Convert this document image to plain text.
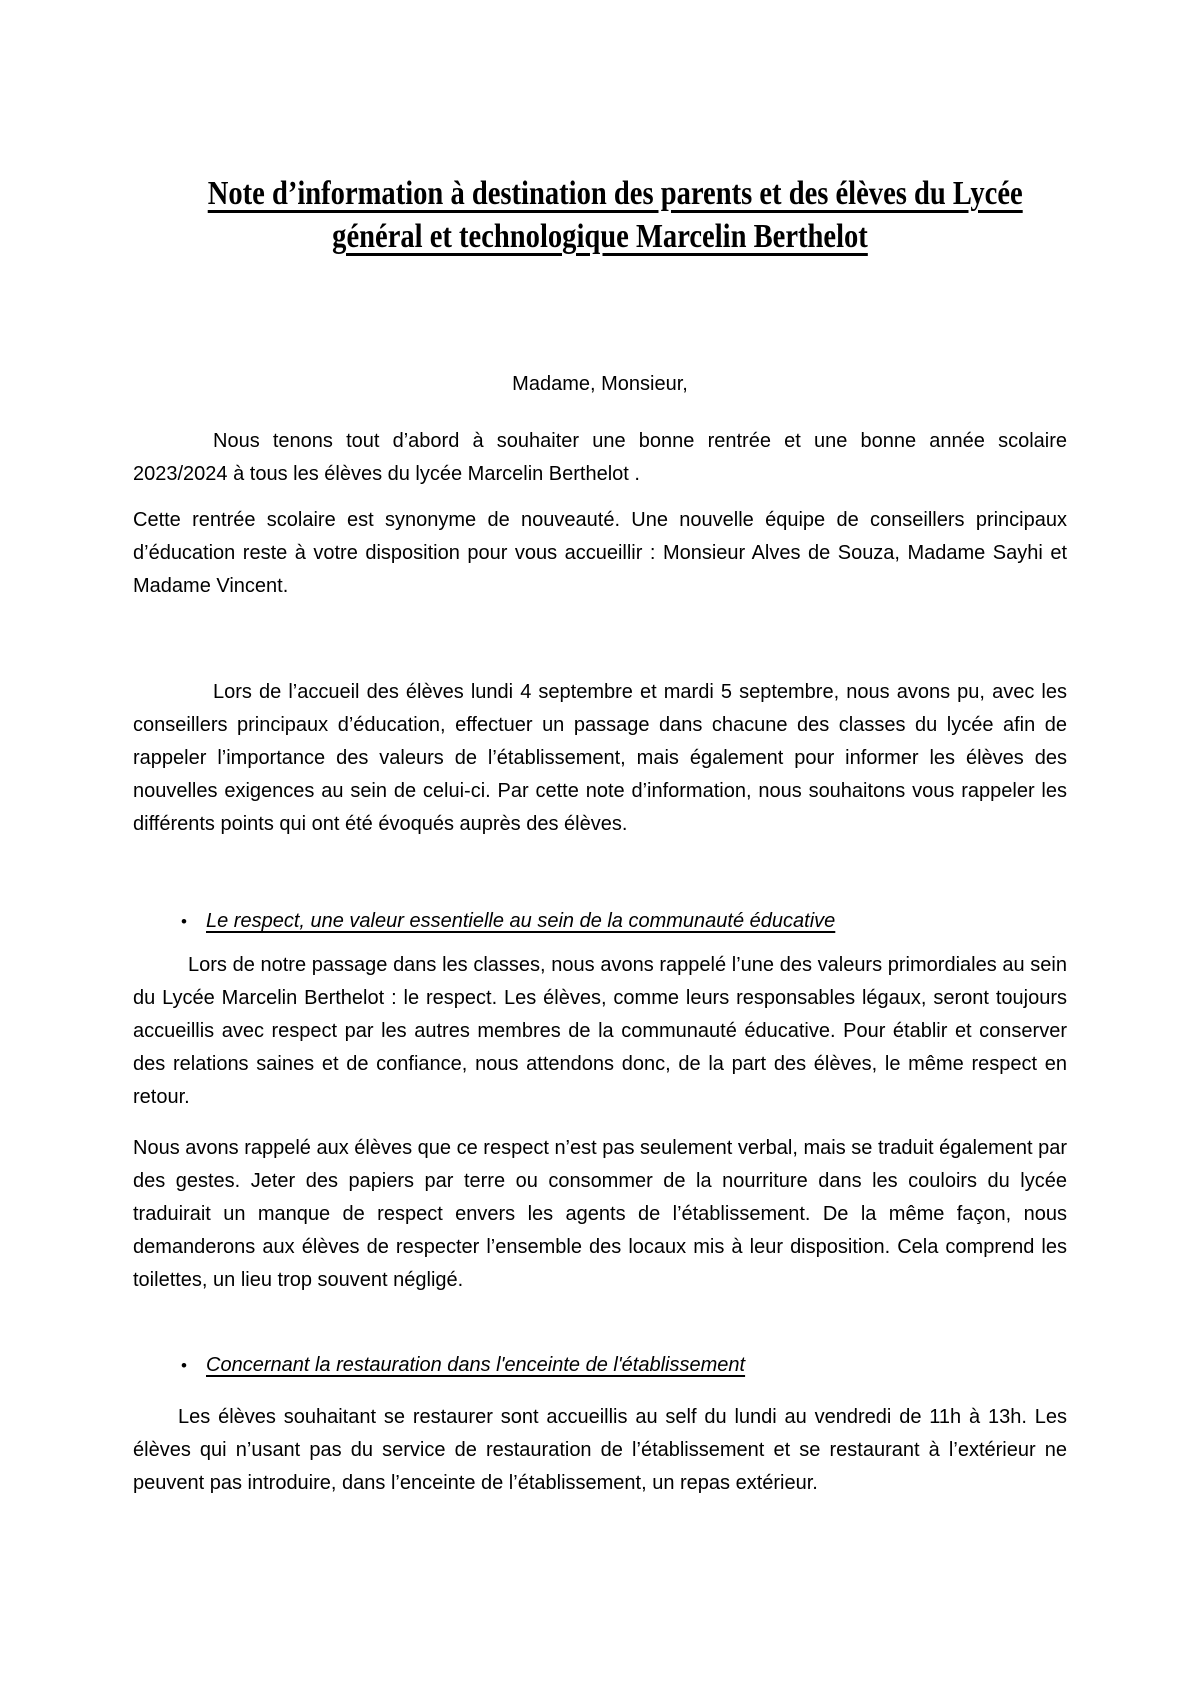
Note d’information à destination des parents et des élèves du Lycée
général et technologique Marcelin Berthelot

Madame, Monsieur,

Nous tenons tout d’abord à souhaiter une bonne rentrée et une bonne année scolaire 2023/2024 à tous les élèves du lycée Marcelin Berthelot .

Cette rentrée scolaire est synonyme de nouveauté. Une nouvelle équipe de conseillers principaux d’éducation reste à votre disposition pour vous accueillir : Monsieur Alves de Souza, Madame Sayhi et Madame Vincent.

Lors de l’accueil des élèves lundi 4 septembre et mardi 5 septembre, nous avons pu, avec les conseillers principaux d’éducation, effectuer un passage dans chacune des classes du lycée afin de rappeler l’importance des valeurs de l’établissement, mais également pour informer les élèves des nouvelles exigences au sein de celui-ci. Par cette note d’information, nous souhaitons vous rappeler les différents points qui ont été évoqués auprès des élèves.

• Le respect, une valeur essentielle au sein de la communauté éducative

Lors de notre passage dans les classes, nous avons rappelé l’une des valeurs primordiales au sein du Lycée Marcelin Berthelot : le respect. Les élèves, comme leurs responsables légaux, seront toujours accueillis avec respect par les autres membres de la communauté éducative. Pour établir et conserver des relations saines et de confiance, nous attendons donc, de la part des élèves, le même respect en retour.

Nous avons rappelé aux élèves que ce respect n’est pas seulement verbal, mais se traduit également par des gestes. Jeter des papiers par terre ou consommer de la nourriture dans les couloirs du lycée traduirait un manque de respect envers les agents de l’établissement. De la même façon, nous demanderons aux élèves de respecter l’ensemble des locaux mis à leur disposition. Cela comprend les toilettes, un lieu trop souvent négligé.

• Concernant la restauration dans l'enceinte de l'établissement

Les élèves souhaitant se restaurer sont accueillis au self du lundi au vendredi de 11h à 13h. Les élèves qui n’usant pas du service de restauration de l’établissement et se restaurant à l’extérieur ne peuvent pas introduire, dans l’enceinte de l’établissement, un repas extérieur.
